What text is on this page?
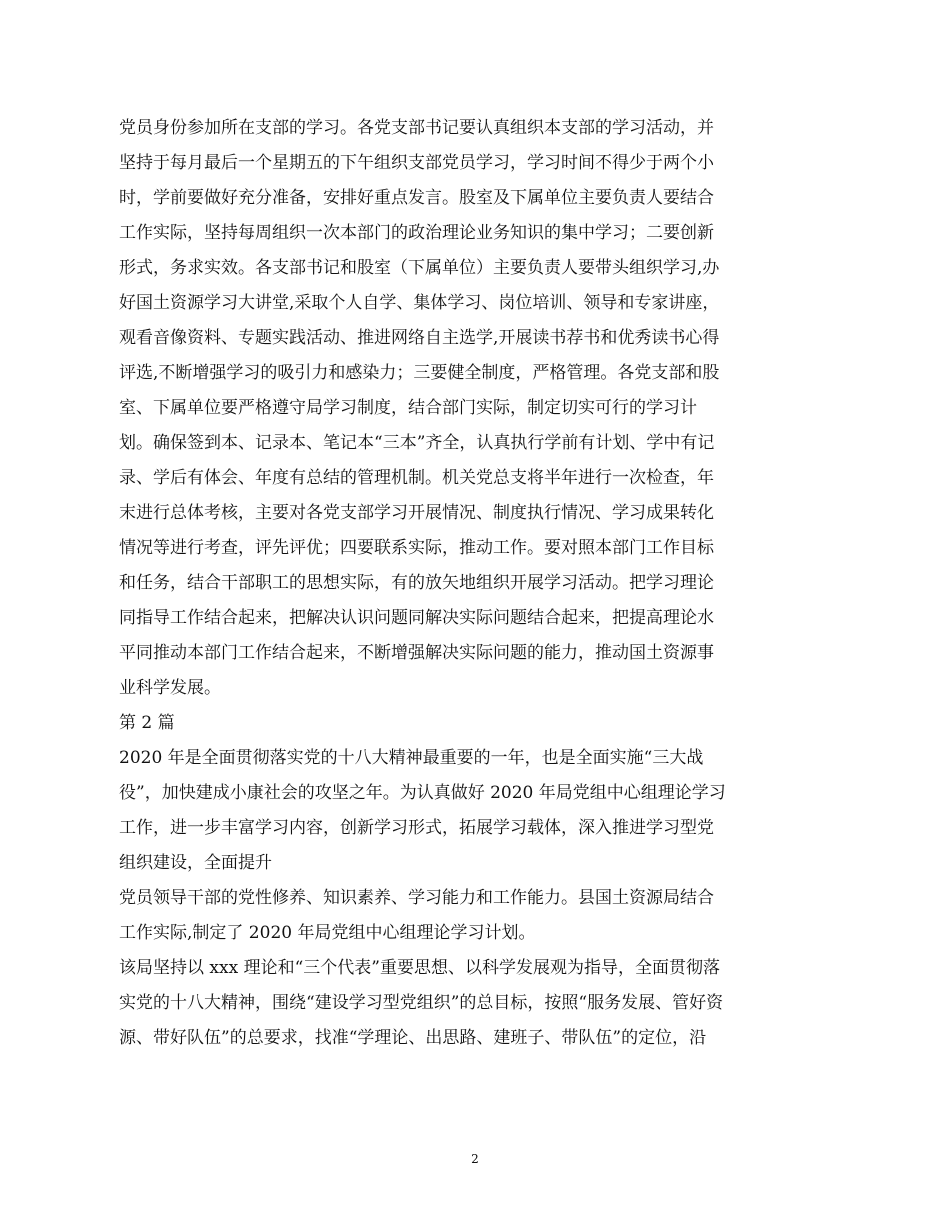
党员身份参加所在支部的学习。各党支部书记要认真组织本支部的学习活动，并
坚持于每月最后一个星期五的下午组织支部党员学习，学习时间不得少于两个小
时，学前要做好充分准备，安排好重点发言。股室及下属单位主要负责人要结合
工作实际，坚持每周组织一次本部门的政治理论业务知识的集中学习；二要创新
形式，务求实效。各支部书记和股室（下属单位）主要负责人要带头组织学习,办
好国土资源学习大讲堂,采取个人自学、集体学习、岗位培训、领导和专家讲座，
观看音像资料、专题实践活动、推进网络自主选学,开展读书荐书和优秀读书心得
评选,不断增强学习的吸引力和感染力；三要健全制度，严格管理。各党支部和股
室、下属单位要严格遵守局学习制度，结合部门实际，制定切实可行的学习计
划。确保签到本、记录本、笔记本“三本”齐全，认真执行学前有计划、学中有记
录、学后有体会、年度有总结的管理机制。机关党总支将半年进行一次检查，年
末进行总体考核，主要对各党支部学习开展情况、制度执行情况、学习成果转化
情况等进行考查，评先评优；四要联系实际，推动工作。要对照本部门工作目标
和任务，结合干部职工的思想实际，有的放矢地组织开展学习活动。把学习理论
同指导工作结合起来，把解决认识问题同解决实际问题结合起来，把提高理论水
平同推动本部门工作结合起来，不断增强解决实际问题的能力，推动国土资源事
业科学发展。
第 2 篇
2020 年是全面贯彻落实党的十八大精神最重要的一年，也是全面实施“三大战
役”，加快建成小康社会的攻坚之年。为认真做好 2020 年局党组中心组理论学习
工作，进一步丰富学习内容，创新学习形式，拓展学习载体，深入推进学习型党
组织建设，全面提升
党员领导干部的党性修养、知识素养、学习能力和工作能力。县国土资源局结合
工作实际,制定了 2020 年局党组中心组理论学习计划。
该局坚持以 xxx 理论和“三个代表”重要思想、以科学发展观为指导，全面贯彻落
实党的十八大精神，围绕“建设学习型党组织”的总目标，按照“服务发展、管好资
源、带好队伍”的总要求，找准“学理论、出思路、建班子、带队伍”的定位，沿
2
